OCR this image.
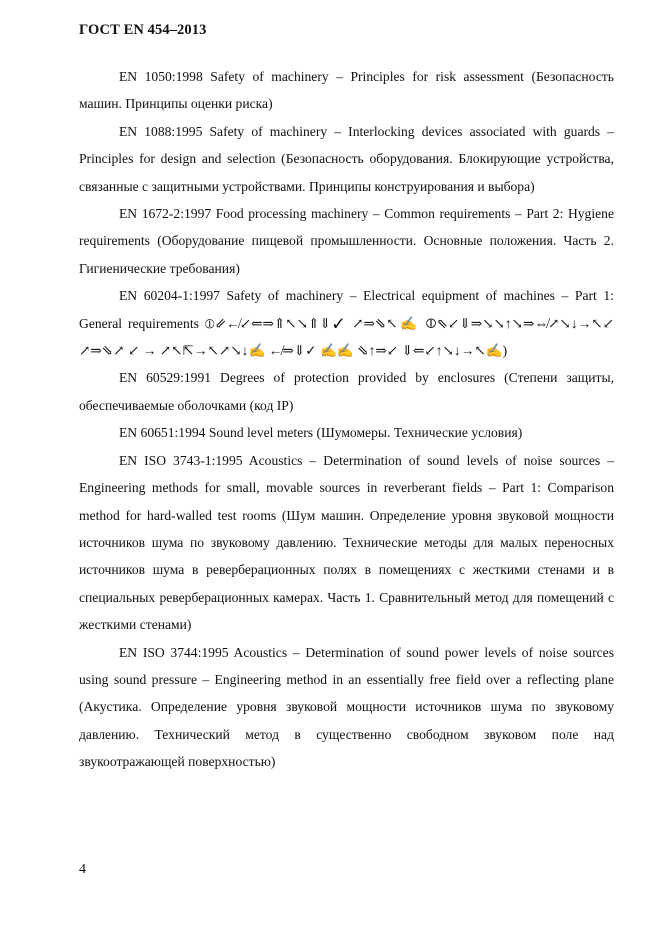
ГОСТ EN 454–2013

EN 1050:1998 Safety of machinery – Principles for risk assessment (Безопасность машин. Принципы оценки риска)

EN 1088:1995 Safety of machinery – Interlocking devices associated with guards – Principles for design and selection (Безопасность оборудования. Блокирующие устройства, связанные с защитными устройствами. Принципы конструирования и выбора)

EN 1672-2:1997 Food processing machinery – Common requirements – Part 2: Hygiene requirements (Оборудование пищевой промышленности. Основные положения. Часть 2. Гигиенические требования)

EN 60204-1:1997 Safety of machinery – Electrical equipment of machines – Part 1: General requirements ⦶⇙↚↙⇐⇒⇑↖↘⇑⇓✓ ↗⇒⇘↖✍ ⦷⇖↙⇓⇒↘↘↑↘⇒⇎↗↘↓→↖↙ ↗⇒⇘↗ ↙ → ↗↖⇱→↖↗↘↓✍ ↚⇒⇓✓ ✍✍ ⇘↑⇒↙ ⇓⇐↙↑↘↓→↖✍)

EN 60529:1991 Degrees of protection provided by enclosures (Степени защиты, обеспечиваемые оболочками (код IP)

EN 60651:1994 Sound level meters (Шумомеры. Технические условия)

EN ISO 3743-1:1995 Acoustics – Determination of sound levels of noise sources – Engineering methods for small, movable sources in reverberant fields – Part 1: Comparison method for hard-walled test rooms (Шум машин. Определение уровня звуковой мощности источников шума по звуковому давлению. Технические методы для малых переносных источников шума в реверберационных полях в помещениях с жесткими стенами и в специальных реверберационных камерах. Часть 1. Сравнительный метод для помещений с жесткими стенами)

EN ISO 3744:1995 Acoustics – Determination of sound power levels of noise sources using sound pressure – Engineering method in an essentially free field over a reflecting plane (Акустика. Определение уровня звуковой мощности источников шума по звуковому давлению. Технический метод в существенно свободном звуковом поле над звукоотражающей поверхностью)

4
